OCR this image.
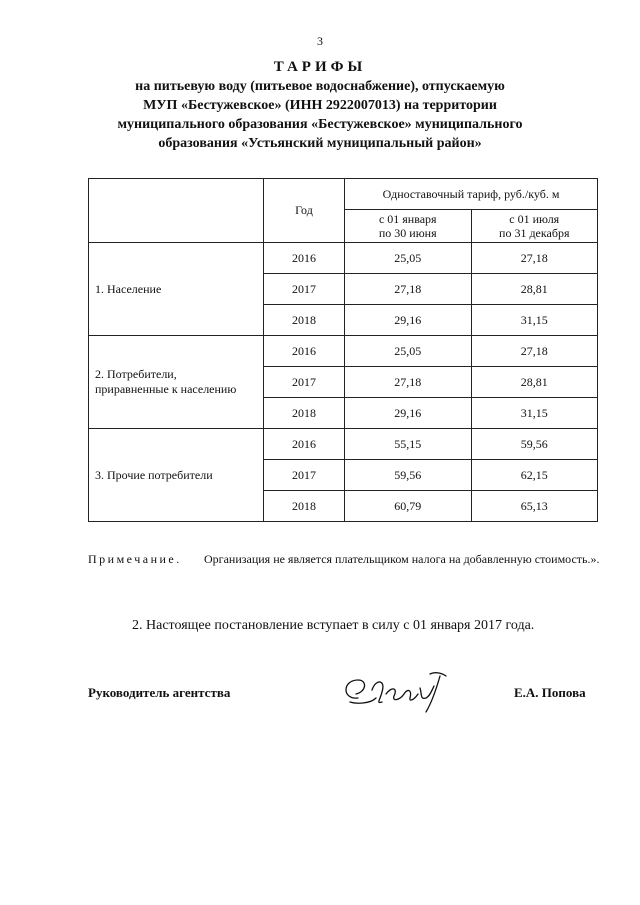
3
ТАРИФЫ
на питьевую воду (питьевое водоснабжение), отпускаемую
МУП «Бестужевское» (ИНН 2922007013) на территории
муниципального образования «Бестужевское» муниципального
образования «Устьянский муниципальный район»
	Год	Одноставочный тариф, руб./куб. м	
		с 01 января
по 30 июня	с 01 июля
по 31 декабря
1. Население	2016	25,05	27,18
	2017	27,18	28,81
	2018	29,16	31,15
2. Потребители,
приравненные к населению	2016	25,05	27,18
	2017	27,18	28,81
	2018	29,16	31,15
3. Прочие потребители	2016	55,15	59,56
	2017	59,56	62,15
	2018	60,79	65,13
Примечание.	Организация не является плательщиком налога на добавленную стоимость.».
2. Настоящее постановление вступает в силу с 01 января 2017 года.
Руководитель агентства	Е.А. Попова
